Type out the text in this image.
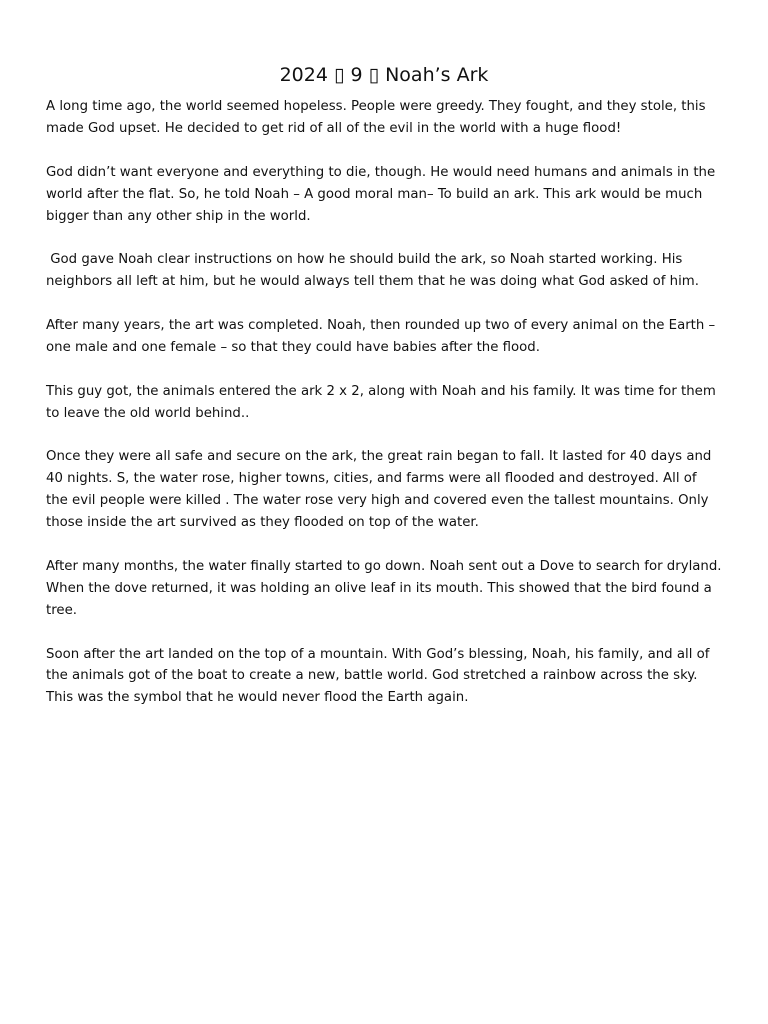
2024 ▯ 9 ▯ Noah’s Ark

A long time ago, the world seemed hopeless. People were greedy. They fought, and they stole, this made God upset. He decided to get rid of all of the evil in the world with a huge flood!

God didn’t want everyone and everything to die, though. He would need humans and animals in the world after the flat. So, he told Noah – A good moral man– To build an ark. This ark would be much bigger than any other ship in the world.

God gave Noah clear instructions on how he should build the ark, so Noah started working. His neighbors all left at him, but he would always tell them that he was doing what God asked of him.

After many years, the art was completed. Noah, then rounded up two of every animal on the Earth – one male and one female – so that they could have babies after the flood.

This guy got, the animals entered the ark 2 x 2, along with Noah and his family. It was time for them to leave the old world behind..

Once they were all safe and secure on the ark, the great rain began to fall. It lasted for 40 days and 40 nights. S, the water rose, higher towns, cities, and farms were all flooded and destroyed. All of the evil people were killed . The water rose very high and covered even the tallest mountains. Only those inside the art survived as they flooded on top of the water.

After many months, the water finally started to go down. Noah sent out a Dove to search for dryland. When the dove returned, it was holding an olive leaf in its mouth. This showed that the bird found a tree.

Soon after the art landed on the top of a mountain. With God’s blessing, Noah, his family, and all of the animals got of the boat to create a new, battle world. God stretched a rainbow across the sky. This was the symbol that he would never flood the Earth again.
